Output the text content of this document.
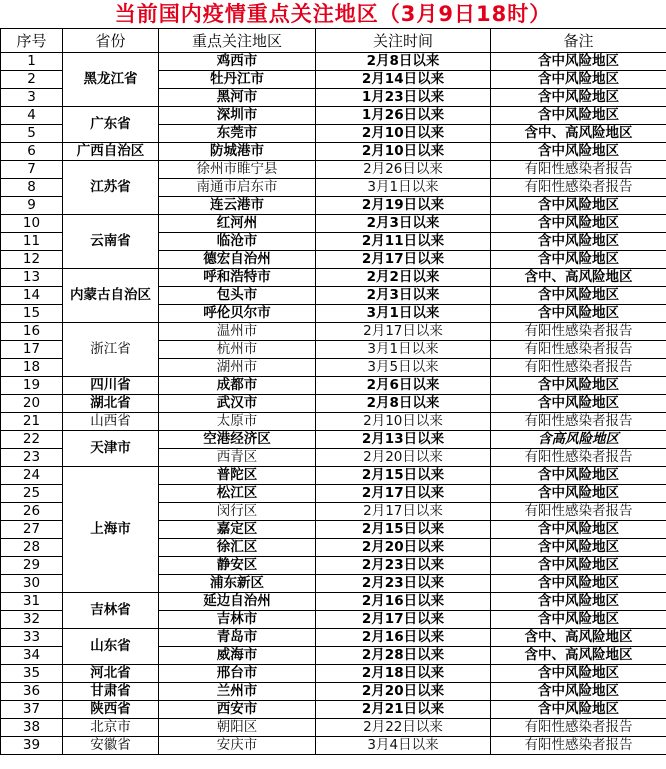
当前国内疫情重点关注地区（3月9日18时）
序号	省份	重点关注地区	关注时间	备注
1	黑龙江省	鸡西市	2月8日以来	含中风险地区
2		牡丹江市	2月14日以来	含中风险地区
3		黑河市	1月23日以来	含中风险地区
4	广东省	深圳市	1月26日以来	含中风险地区
5		东莞市	2月10日以来	含中、高风险地区
6	广西自治区	防城港市	2月10日以来	含中风险地区
7	江苏省	徐州市睢宁县	2月26日以来	有阳性感染者报告
8		南通市启东市	3月1日以来	有阳性感染者报告
9		连云港市	2月19日以来	含中风险地区
10	云南省	红河州	2月3日以来	含中风险地区
11		临沧市	2月11日以来	含中风险地区
12		德宏自治州	2月17日以来	含中风险地区
13	内蒙古自治区	呼和浩特市	2月2日以来	含中、高风险地区
14		包头市	2月3日以来	含中风险地区
15		呼伦贝尔市	3月1日以来	含中风险地区
16	浙江省	温州市	2月17日以来	有阳性感染者报告
17		杭州市	3月1日以来	有阳性感染者报告
18		湖州市	3月5日以来	有阳性感染者报告
19	四川省	成都市	2月6日以来	含中风险地区
20	湖北省	武汉市	2月8日以来	含中风险地区
21	山西省	太原市	2月10日以来	有阳性感染者报告
22	天津市	空港经济区	2月13日以来	含高风险地区
23		西青区	2月20日以来	有阳性感染者报告
24	上海市	普陀区	2月15日以来	含中风险地区
25		松江区	2月17日以来	含中风险地区
26		闵行区	2月17日以来	有阳性感染者报告
27		嘉定区	2月15日以来	含中风险地区
28		徐汇区	2月20日以来	含中风险地区
29		静安区	2月23日以来	含中风险地区
30		浦东新区	2月23日以来	含中风险地区
31	吉林省	延边自治州	2月16日以来	含中风险地区
32		吉林市	2月17日以来	含中风险地区
33	山东省	青岛市	2月16日以来	含中、高风险地区
34		威海市	2月28日以来	含中、高风险地区
35	河北省	邢台市	2月18日以来	含中风险地区
36	甘肃省	兰州市	2月20日以来	含中风险地区
37	陕西省	西安市	2月21日以来	含中风险地区
38	北京市	朝阳区	2月22日以来	有阳性感染者报告
39	安徽省	安庆市	3月4日以来	有阳性感染者报告
